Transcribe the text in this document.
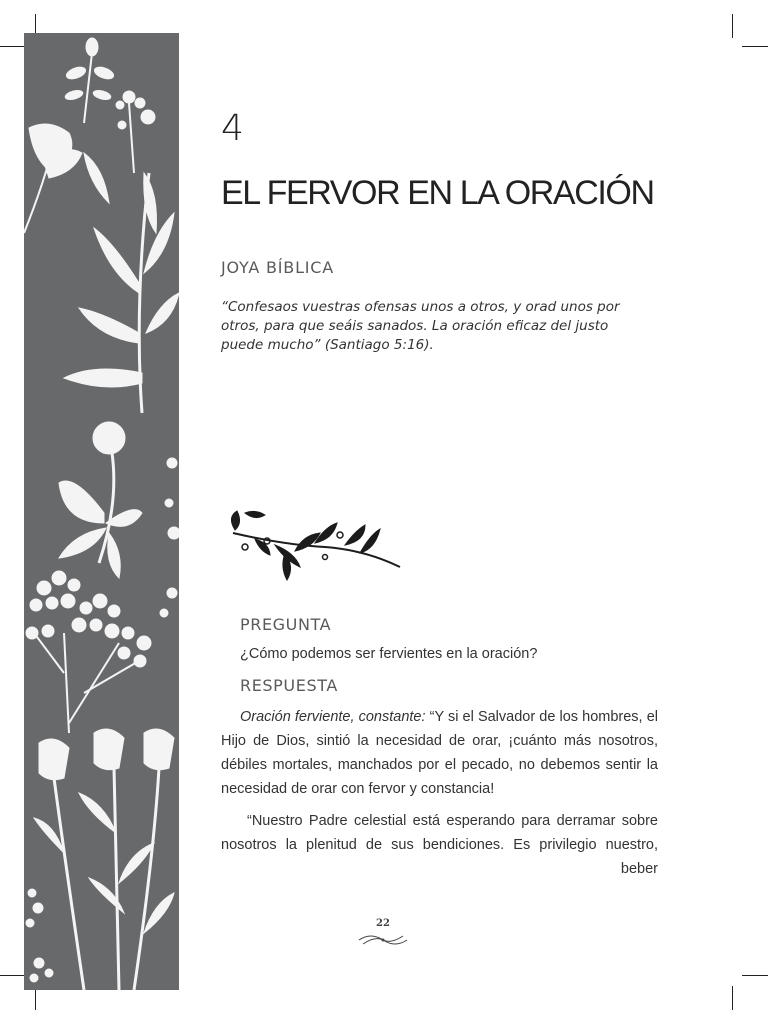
4
EL FERVOR EN LA ORACIÓN
JOYA BÍBLICA
“Confesaos vuestras ofensas unos a otros, y orad unos por otros, para que seáis sanados. La oración eficaz del justo puede mucho” (Santiago 5:16).
PREGUNTA
¿Cómo podemos ser fervientes en la oración?
RESPUESTA
Oración ferviente, constante: “Y si el Salvador de los hombres, el Hijo de Dios, sintió la necesidad de orar, ¡cuánto más nosotros, débiles mortales, manchados por el pecado, no debemos sentir la necesidad de orar con fervor y constancia!
“Nuestro Padre celestial está esperando para derramar sobre nosotros la plenitud de sus bendiciones. Es privilegio nuestro, beber
22
